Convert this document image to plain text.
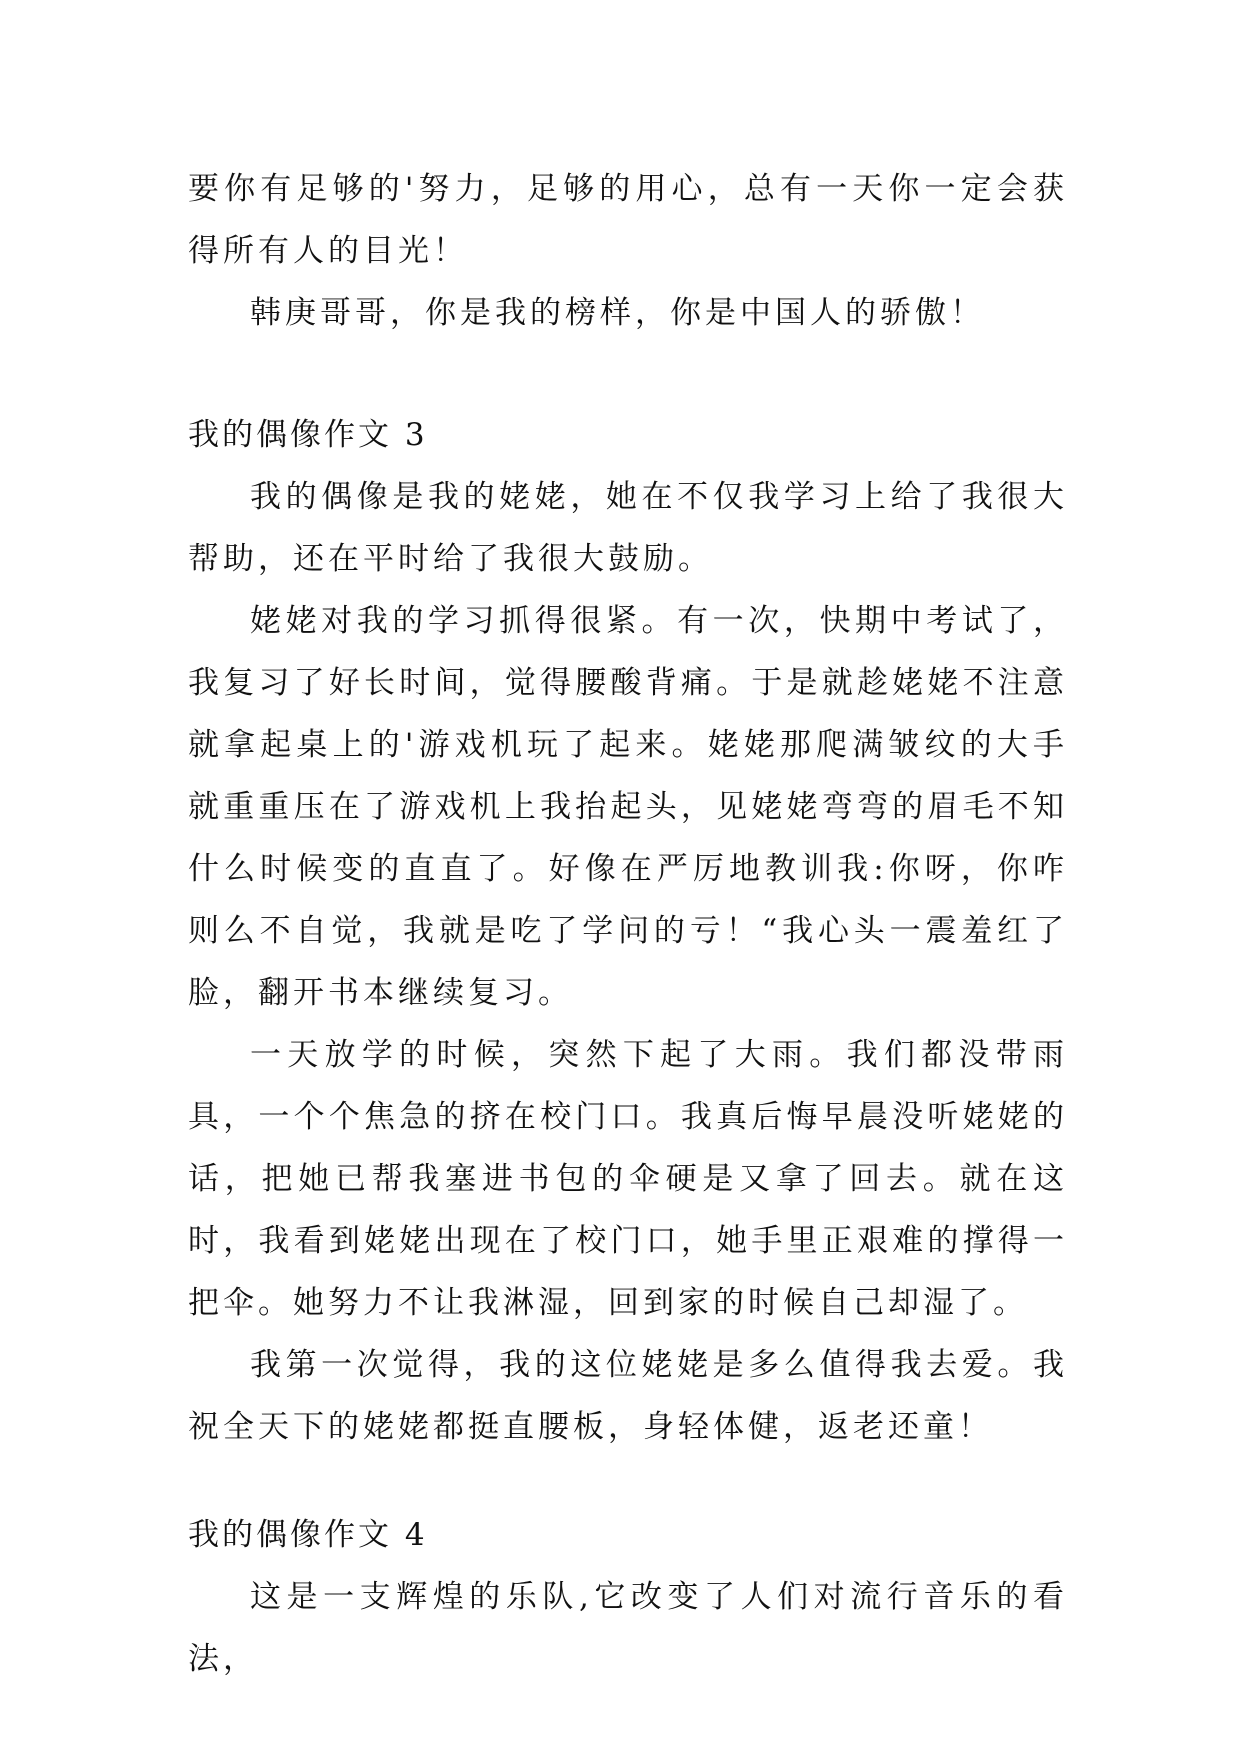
要你有足够的'努力，足够的用心，总有一天你一定会获得所有人的目光！

韩庚哥哥，你是我的榜样，你是中国人的骄傲！

我的偶像作文 3

我的偶像是我的姥姥，她在不仅我学习上给了我很大帮助，还在平时给了我很大鼓励。

姥姥对我的学习抓得很紧。有一次，快期中考试了，我复习了好长时间，觉得腰酸背痛。于是就趁姥姥不注意就拿起桌上的'游戏机玩了起来。姥姥那爬满皱纹的大手就重重压在了游戏机上我抬起头，见姥姥弯弯的眉毛不知什么时候变的直直了。好像在严厉地教训我:你呀，你咋则么不自觉，我就是吃了学问的亏！“我心头一震羞红了脸，翻开书本继续复习。

一天放学的时候，突然下起了大雨。我们都没带雨具，一个个焦急的挤在校门口。我真后悔早晨没听姥姥的话，把她已帮我塞进书包的伞硬是又拿了回去。就在这时，我看到姥姥出现在了校门口，她手里正艰难的撑得一把伞。她努力不让我淋湿，回到家的时候自己却湿了。

我第一次觉得，我的这位姥姥是多么值得我去爱。我祝全天下的姥姥都挺直腰板，身轻体健，返老还童！

我的偶像作文 4

这是一支辉煌的乐队,它改变了人们对流行音乐的看法，
